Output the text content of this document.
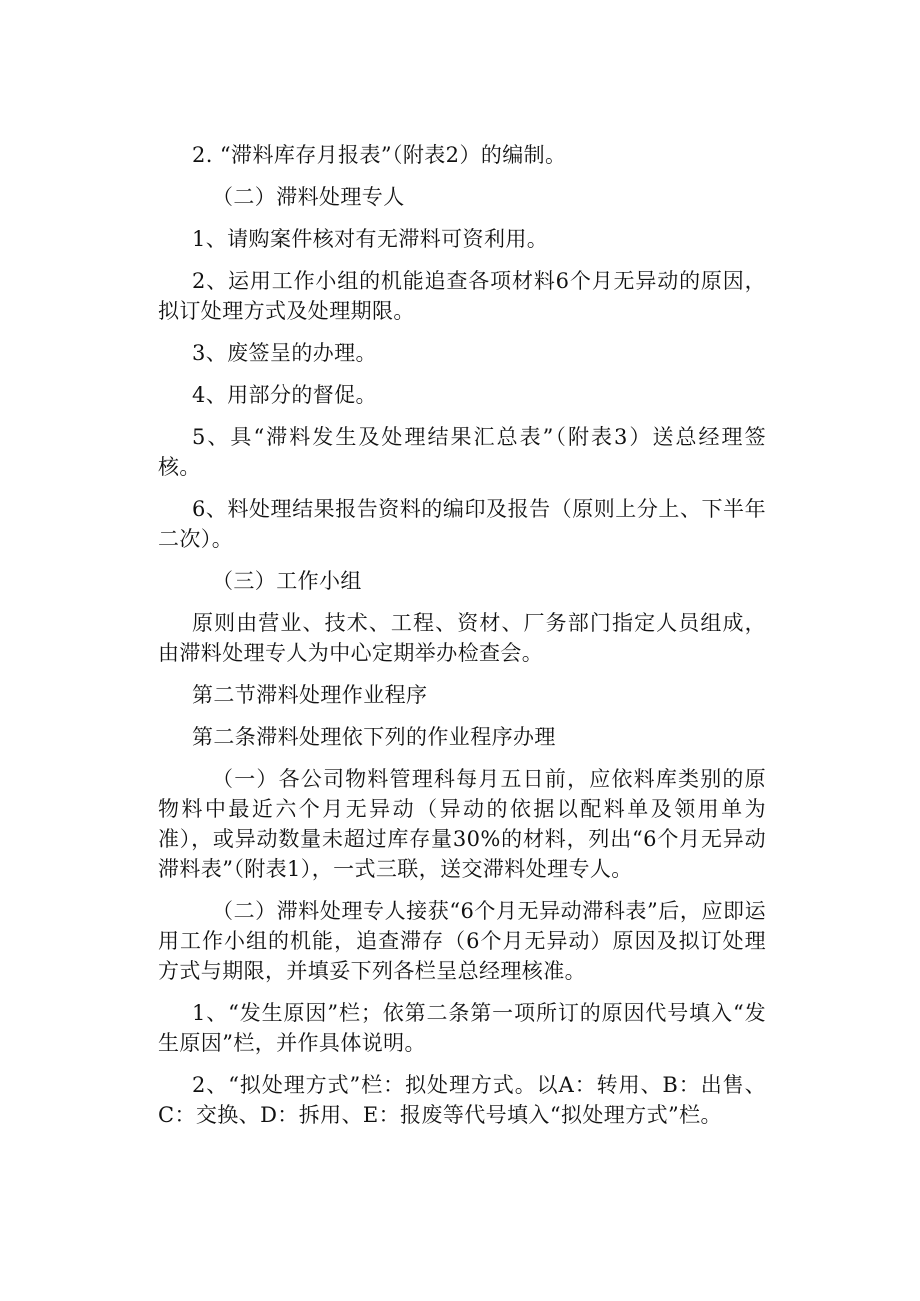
2. “滞料库存月报表”（附表2）的编制。

（二）滞料处理专人

1、请购案件核对有无滞料可资利用。

2、运用工作小组的机能追查各项材料6个月无异动的原因，拟订处理方式及处理期限。

3、废签呈的办理。

4、用部分的督促。

5、具“滞料发生及处理结果汇总表”（附表3）送总经理签核。

6、料处理结果报告资料的编印及报告（原则上分上、下半年二次）。

（三）工作小组

原则由营业、技术、工程、资材、厂务部门指定人员组成，由滞料处理专人为中心定期举办检查会。

第二节滞料处理作业程序

第二条滞料处理依下列的作业程序办理

（一）各公司物料管理科每月五日前，应依料库类别的原物料中最近六个月无异动（异动的依据以配料单及领用单为准），或异动数量未超过库存量30%的材料，列出“6个月无异动滞料表”（附表1），一式三联，送交滞料处理专人。

（二）滞料处理专人接获“6个月无异动滞科表”后，应即运用工作小组的机能，追查滞存（6个月无异动）原因及拟订处理方式与期限，并填妥下列各栏呈总经理核准。

1、“发生原因”栏；依第二条第一项所订的原因代号填入“发生原因”栏，并作具体说明。

2、“拟处理方式”栏：拟处理方式。以A：转用、B：出售、C：交换、D：拆用、E：报废等代号填入“拟处理方式”栏。
